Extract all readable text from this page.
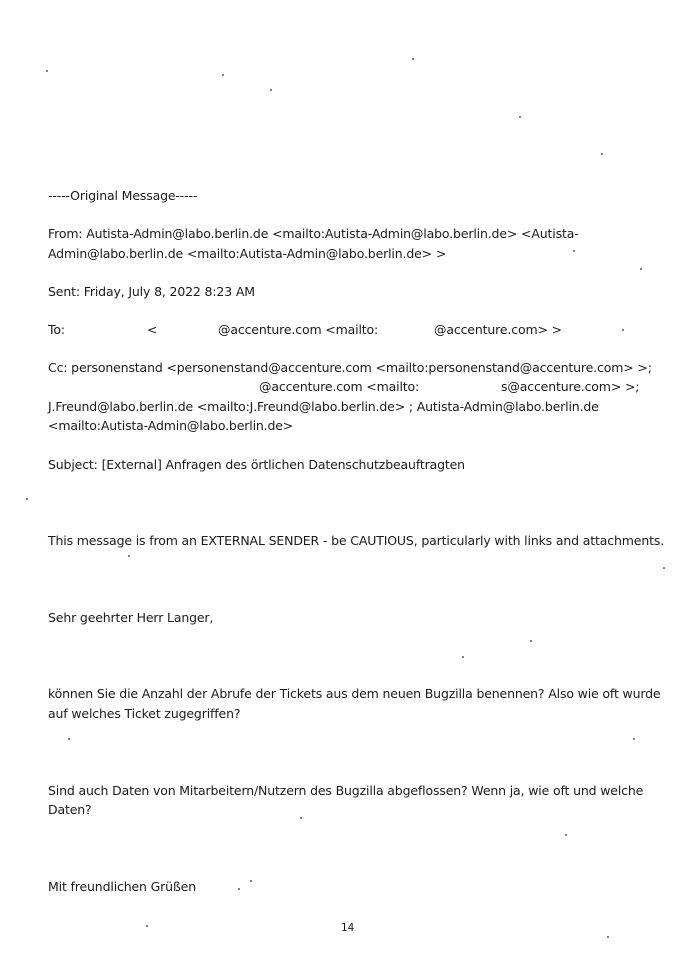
-----Original Message-----
From: Autista-Admin@labo.berlin.de <mailto:Autista-Admin@labo.berlin.de> <Autista-
Admin@labo.berlin.de <mailto:Autista-Admin@labo.berlin.de> >
Sent: Friday, July 8, 2022 8:23 AM
To:	<	@accenture.com <mailto:	@accenture.com> >
Cc: personenstand <personenstand@accenture.com <mailto:personenstand@accenture.com> >;
@accenture.com <mailto:	s@accenture.com> >;
J.Freund@labo.berlin.de <mailto:J.Freund@labo.berlin.de> ; Autista-Admin@labo.berlin.de
<mailto:Autista-Admin@labo.berlin.de>
Subject: [External] Anfragen des örtlichen Datenschutzbeauftragten
This message is from an EXTERNAL SENDER - be CAUTIOUS, particularly with links and attachments.
Sehr geehrter Herr Langer,
können Sie die Anzahl der Abrufe der Tickets aus dem neuen Bugzilla benennen? Also wie oft wurde
auf welches Ticket zugegriffen?
Sind auch Daten von Mitarbeitern/Nutzern des Bugzilla abgeflossen? Wenn ja, wie oft und welche
Daten?
Mit freundlichen Grüßen
14
